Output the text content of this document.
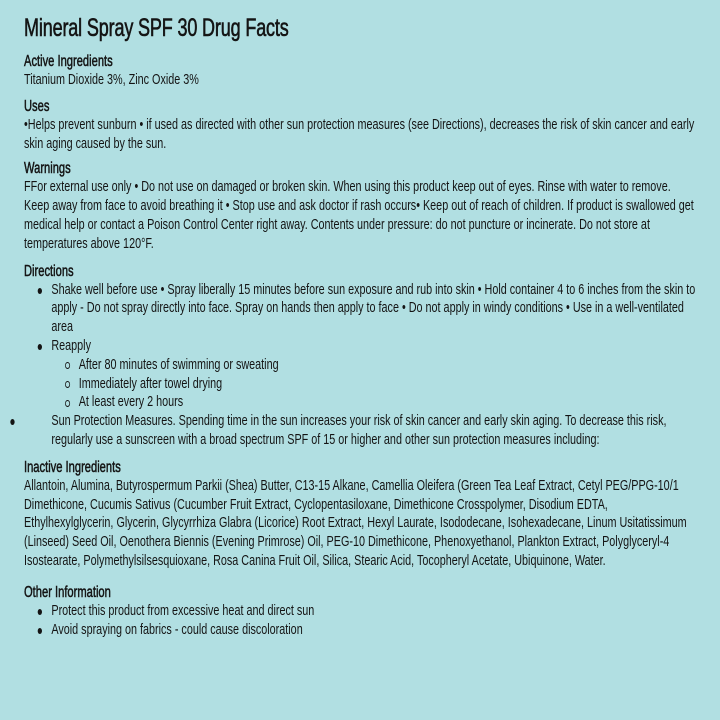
Mineral Spray SPF 30 Drug Facts
Active Ingredients

Titanium Dioxide 3%, Zinc Oxide 3%

Uses

•Helps prevent sunburn • if used as directed with other sun protection measures (see Directions), decreases the risk of skin cancer and early skin aging caused by the sun.

Warnings

FFor external use only • Do not use on damaged or broken skin. When using this product keep out of eyes. Rinse with water to remove. Keep away from face to avoid breathing it • Stop use and ask doctor if rash occurs• Keep out of reach of children. If product is swallowed get medical help or contact a Poison Control Center right away. Contents under pressure: do not puncture or incinerate. Do not store at temperatures above 120°F.

Directions
Shake well before use • Spray liberally 15 minutes before sun exposure and rub into skin • Hold container 4 to 6 inches from the skin to apply - Do not spray directly into face. Spray on hands then apply to face • Do not apply in windy conditions • Use in a well-ventilated area
Reapply
After 80 minutes of swimming or sweating
Immediately after towel drying
At least every 2 hours
Sun Protection Measures. Spending time in the sun increases your risk of skin cancer and early skin aging. To decrease this risk, regularly use a sunscreen with a broad spectrum SPF of 15 or higher and other sun protection measures including:
Inactive Ingredients

Allantoin, Alumina, Butyrospermum Parkii (Shea) Butter, C13-15 Alkane, Camellia Oleifera (Green Tea Leaf Extract, Cetyl PEG/PPG-10/1 Dimethicone, Cucumis Sativus (Cucumber Fruit Extract, Cyclopentasiloxane, Dimethicone Crosspolymer, Disodium EDTA, Ethylhexylglycerin, Glycerin, Glycyrrhiza Glabra (Licorice) Root Extract, Hexyl Laurate, Isododecane, Isohexadecane, Linum Usitatissimum (Linseed) Seed Oil, Oenothera Biennis (Evening Primrose) Oil, PEG-10 Dimethicone, Phenoxyethanol, Plankton Extract, Polyglyceryl-4 Isostearate, Polymethylsilsesquioxane, Rosa Canina Fruit Oil, Silica, Stearic Acid, Tocopheryl Acetate, Ubiquinone, Water.

Other Information
Protect this product from excessive heat and direct sun
Avoid spraying on fabrics - could cause discoloration
